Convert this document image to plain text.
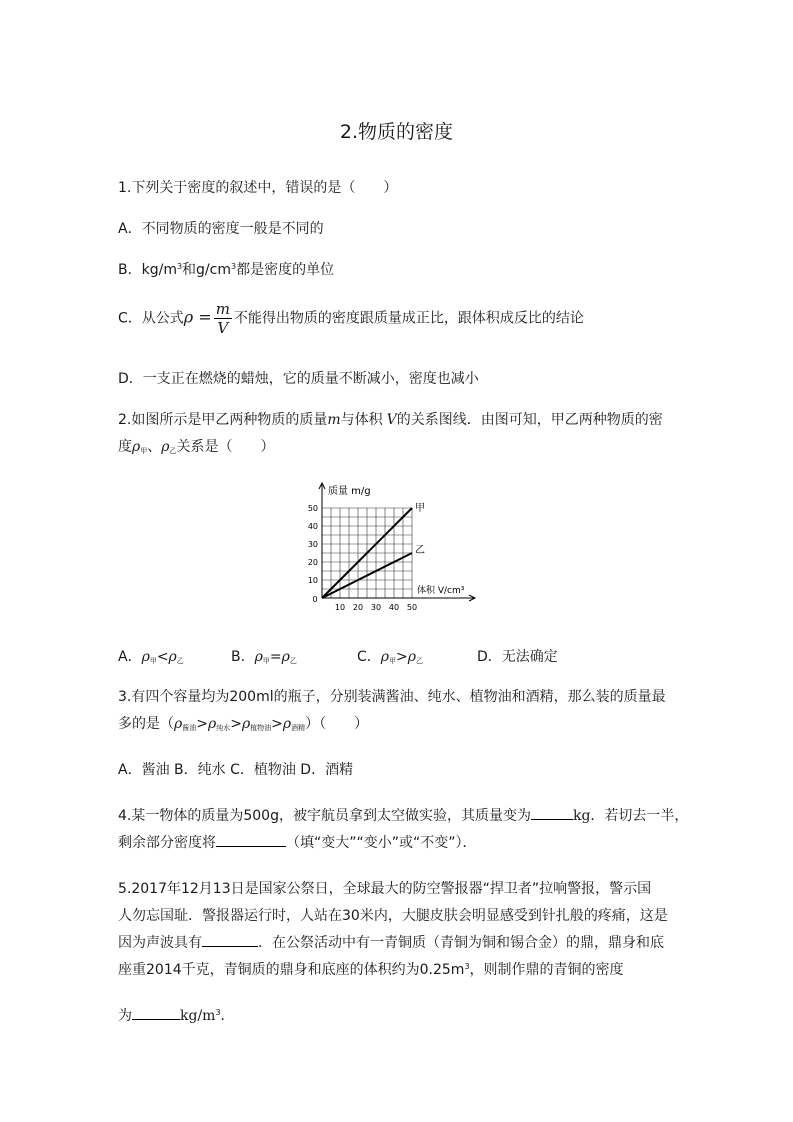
2.物质的密度
1.下列关于密度的叙述中，错误的是（　　）
A．不同物质的密度一般是不同的
B．$kg/m^3$和$g/cm^3$都是密度的单位
C．从公式$\rho = \frac{m}{V}$ 不能得出物质的密度跟质量成正比，跟体积成反比的结论
D．一支正在燃烧的蜡烛，它的质量不断减小，密度也减小
2.如图所示是甲乙两种物质的质量m与体积 V的关系图线．由图可知，甲乙两种物质的密
度$\rho_甲$、$\rho_乙$关系是（　　）
10
20
30
40
50
10 20 30 40 50
0
质量 m/g
体积 V/cm³
甲
乙
A．$\rho_甲<\rho_乙$	B．$\rho_甲=\rho_乙$	C．$\rho_甲>\rho_乙$	D．无法确定
3.有四个容量均为200ml的瓶子，分别装满酱油、纯水、植物油和酒精，那么装的质量最
多的是$(\rho_{酱油}>\rho_{纯水}>\rho_{植物油}>\rho_{酒精})$（　　）
A．酱油 B．纯水 C．植物油 D．酒精
4.某一物体的质量为500g，被宇航员拿到太空做实验，其质量变为	kg．若切去一半，
剩余部分密度将	（填“变大”“变小”或“不变”）．
5.2017年12月13日是国家公祭日，全球最大的防空警报器“捍卫者”拉响警报，警示国
人勿忘国耻．警报器运行时，人站在30米内，大腿皮肤会明显感受到针扎般的疼痛，这是
因为声波具有	．在公祭活动中有一青铜质（青铜为铜和锡合金）的鼎，鼎身和底
座重2014千克，青铜质的鼎身和底座的体积约为$0.25m^3$，则制作鼎的青铜的密度
为	$kg/m^3$．
